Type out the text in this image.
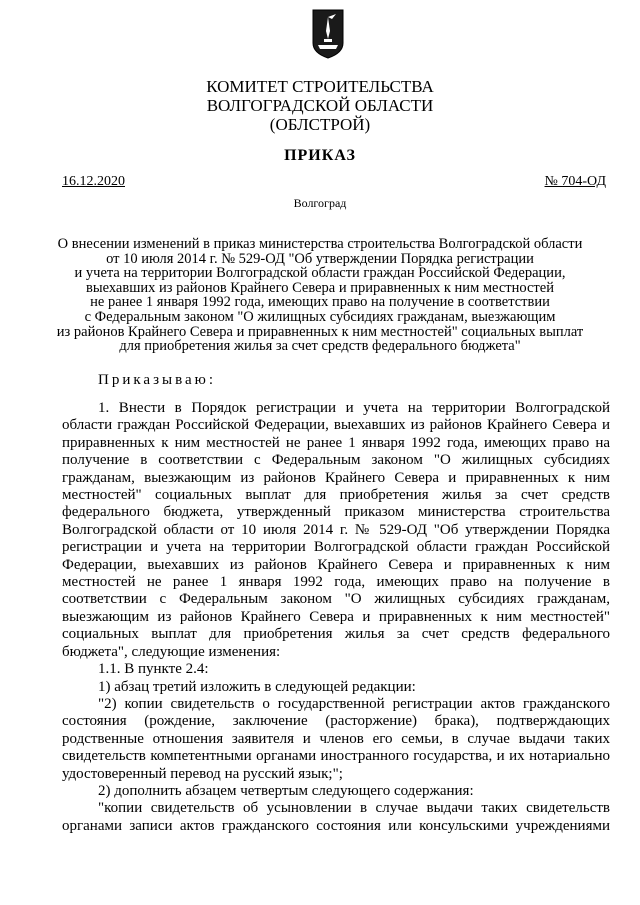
КОМИТЕТ СТРОИТЕЛЬСТВА
ВОЛГОГРАДСКОЙ ОБЛАСТИ
(ОБЛСТРОЙ)
ПРИКАЗ
16.12.2020	№ 704-ОД
Волгоград
О внесении изменений в приказ министерства строительства Волгоградской области
от 10 июля 2014 г. № 529-ОД "Об утверждении Порядка регистрации
и учета на территории Волгоградской области граждан Российской Федерации,
выехавших из районов Крайнего Севера и приравненных к ним местностей
не ранее 1 января 1992 года, имеющих право на получение в соответствии
с Федеральным законом "О жилищных субсидиях гражданам, выезжающим
из районов Крайнего Севера и приравненных к ним местностей" социальных выплат
для приобретения жилья за счет средств федерального бюджета"
Приказываю:

1. Внести в Порядок регистрации и учета на территории Волгоградской области граждан Российской Федерации, выехавших из районов Крайнего Севера и приравненных к ним местностей не ранее 1 января 1992 года, имеющих право на получение в соответствии с Федеральным законом "О жилищных субсидиях гражданам, выезжающим из районов Крайнего Севера и приравненных к ним местностей" социальных выплат для приобретения жилья за счет средств федерального бюджета, утвержденный приказом министерства строительства Волгоградской области от 10 июля 2014 г. № 529-ОД "Об утверждении Порядка регистрации и учета на территории Волгоградской области граждан Российской Федерации, выехавших из районов Крайнего Севера и приравненных к ним местностей не ранее 1 января 1992 года, имеющих право на получение в соответствии с Федеральным законом "О жилищных субсидиях гражданам, выезжающим из районов Крайнего Севера и приравненных к ним местностей" социальных выплат для приобретения жилья за счет средств федерального бюджета", следующие изменения:

1.1. В пункте 2.4:

1) абзац третий изложить в следующей редакции:

"2) копии свидетельств о государственной регистрации актов гражданского состояния (рождение, заключение (расторжение) брака), подтверждающих родственные отношения заявителя и членов его семьи, в случае выдачи таких свидетельств компетентными органами иностранного государства, и их нотариально удостоверенный перевод на русский язык;";

2) дополнить абзацем четвертым следующего содержания:

"копии свидетельств об усыновлении в случае выдачи таких свидетельств органами записи актов гражданского состояния или консульскими учреждениями
